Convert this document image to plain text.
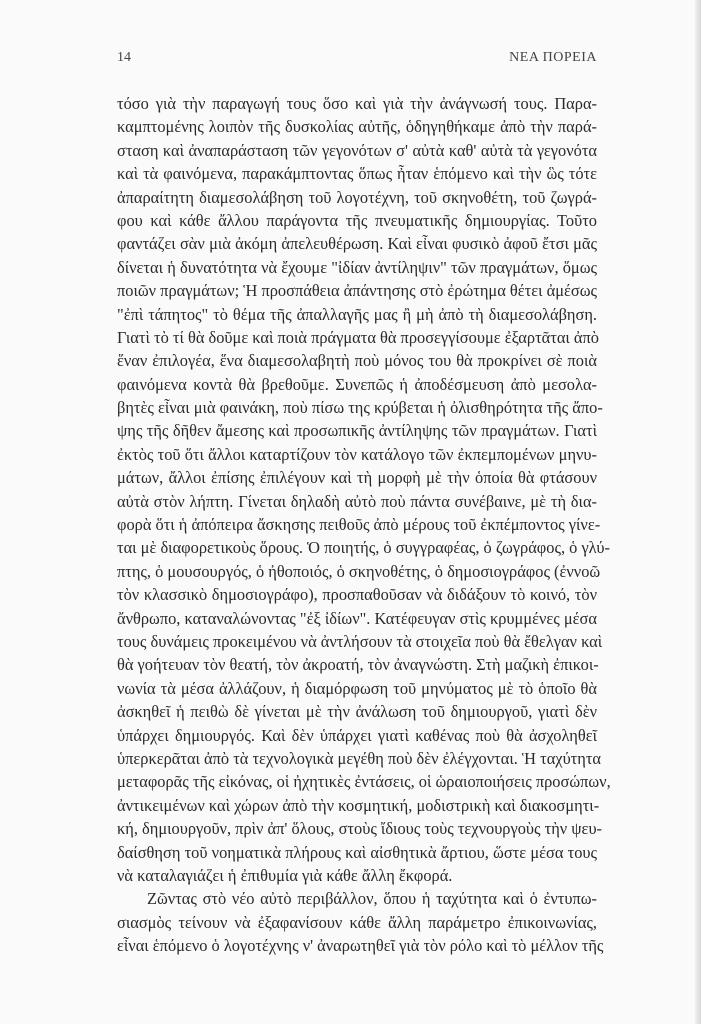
14	ΝΕΑ ΠΟΡΕΙΑ
τόσο γιὰ τὴν παραγωγή τους ὅσο καὶ γιὰ τὴν ἀνάγνωσή τους. Παρα-
καμπτομένης λοιπὸν τῆς δυσκολίας αὐτῆς, ὁδηγηθήκαμε ἀπὸ τὴν παρά-
σταση καὶ ἀναπαράσταση τῶν γεγονότων σ' αὐτὰ καθ' αὐτὰ τὰ γεγονότα
καὶ τὰ φαινόμενα, παρακάμπτοντας ὅπως ἦταν ἑπόμενο καὶ τὴν ὣς τότε
ἀπαραίτητη διαμεσολάβηση τοῦ λογοτέχνη, τοῦ σκηνοθέτη, τοῦ ζωγρά-
φου καὶ κάθε ἄλλου παράγοντα τῆς πνευματικῆς δημιουργίας. Τοῦτο
φαντάζει σὰν μιὰ ἀκόμη ἀπελευθέρωση. Καὶ εἶναι φυσικὸ ἀφοῦ ἔτσι μᾶς
δίνεται ἡ δυνατότητα νὰ ἔχουμε "ἰδίαν ἀντίληψιν" τῶν πραγμάτων, ὅμως
ποιῶν πραγμάτων; Ἡ προσπάθεια ἀπάντησης στὸ ἐρώτημα θέτει ἀμέσως
"ἐπὶ τάπητος" τὸ θέμα τῆς ἀπαλλαγῆς μας ἢ μὴ ἀπὸ τὴ διαμεσολάβηση.
Γιατὶ τὸ τί θὰ δοῦμε καὶ ποιὰ πράγματα θὰ προσεγγίσουμε ἐξαρτᾶται ἀπὸ
ἕναν ἐπιλογέα, ἕνα διαμεσολαβητὴ ποὺ μόνος του θὰ προκρίνει σὲ ποιὰ
φαινόμενα κοντὰ θὰ βρεθοῦμε. Συνεπῶς ἡ ἀποδέσμευση ἀπὸ μεσολα-
βητὲς εἶναι μιὰ φαινάκη, ποὺ πίσω της κρύβεται ἡ ὀλισθηρότητα τῆς ἄπο-
ψης τῆς δῆθεν ἄμεσης καὶ προσωπικῆς ἀντίληψης τῶν πραγμάτων. Γιατὶ
ἐκτὸς τοῦ ὅτι ἄλλοι καταρτίζουν τὸν κατάλογο τῶν ἐκπεμπομένων μηνυ-
μάτων, ἄλλοι ἐπίσης ἐπιλέγουν καὶ τὴ μορφὴ μὲ τὴν ὁποία θὰ φτάσουν
αὐτὰ στὸν λήπτη. Γίνεται δηλαδὴ αὐτὸ ποὺ πάντα συνέβαινε, μὲ τὴ δια-
φορὰ ὅτι ἡ ἀπόπειρα ἄσκησης πειθοῦς ἀπὸ μέρους τοῦ ἐκπέμποντος γίνε-
ται μὲ διαφορετικοὺς ὅρους. Ὁ ποιητής, ὁ συγγραφέας, ὁ ζωγράφος, ὁ γλύ-
πτης, ὁ μουσουργός, ὁ ἠθοποιός, ὁ σκηνοθέτης, ὁ δημοσιογράφος (ἐννοῶ
τὸν κλασσικὸ δημοσιογράφο), προσπαθοῦσαν νὰ διδάξουν τὸ κοινό, τὸν
ἄνθρωπο, καταναλώνοντας "ἐξ ἰδίων". Κατέφευγαν στὶς κρυμμένες μέσα
τους δυνάμεις προκειμένου νὰ ἀντλήσουν τὰ στοιχεῖα ποὺ θὰ ἔθελγαν καὶ
θὰ γοήτευαν τὸν θεατή, τὸν ἀκροατή, τὸν ἀναγνώστη. Στὴ μαζικὴ ἐπικοι-
νωνία τὰ μέσα ἀλλάζουν, ἡ διαμόρφωση τοῦ μηνύματος μὲ τὸ ὁποῖο θὰ
ἀσκηθεῖ ἡ πειθὼ δὲ γίνεται μὲ τὴν ἀνάλωση τοῦ δημιουργοῦ, γιατὶ δὲν
ὑπάρχει δημιουργός. Καὶ δὲν ὑπάρχει γιατὶ καθένας ποὺ θὰ ἀσχοληθεῖ
ὑπερκερᾶται ἀπὸ τὰ τεχνολογικὰ μεγέθη ποὺ δὲν ἐλέγχονται. Ἡ ταχύτητα
μεταφορᾶς τῆς εἰκόνας, οἱ ἠχητικὲς ἐντάσεις, οἱ ὡραιοποιήσεις προσώπων,
ἀντικειμένων καὶ χώρων ἀπὸ τὴν κοσμητική, μοδιστρικὴ καὶ διακοσμητι-
κή, δημιουργοῦν, πρὶν ἀπ' ὅλους, στοὺς ἴδιους τοὺς τεχνουργοὺς τὴν ψευ-
δαίσθηση τοῦ νοηματικὰ πλήρους καὶ αἰσθητικὰ ἄρτιου, ὥστε μέσα τους
νὰ καταλαγιάζει ἡ ἐπιθυμία γιὰ κάθε ἄλλη ἔκφορά.
Ζῶντας στὸ νέο αὐτὸ περιβάλλον, ὅπου ἡ ταχύτητα καὶ ὁ ἐντυπω-
σιασμὸς τείνουν νὰ ἐξαφανίσουν κάθε ἄλλη παράμετρο ἐπικοινωνίας,
εἶναι ἑπόμενο ὁ λογοτέχνης ν' ἀναρωτηθεῖ γιὰ τὸν ρόλο καὶ τὸ μέλλον τῆς
